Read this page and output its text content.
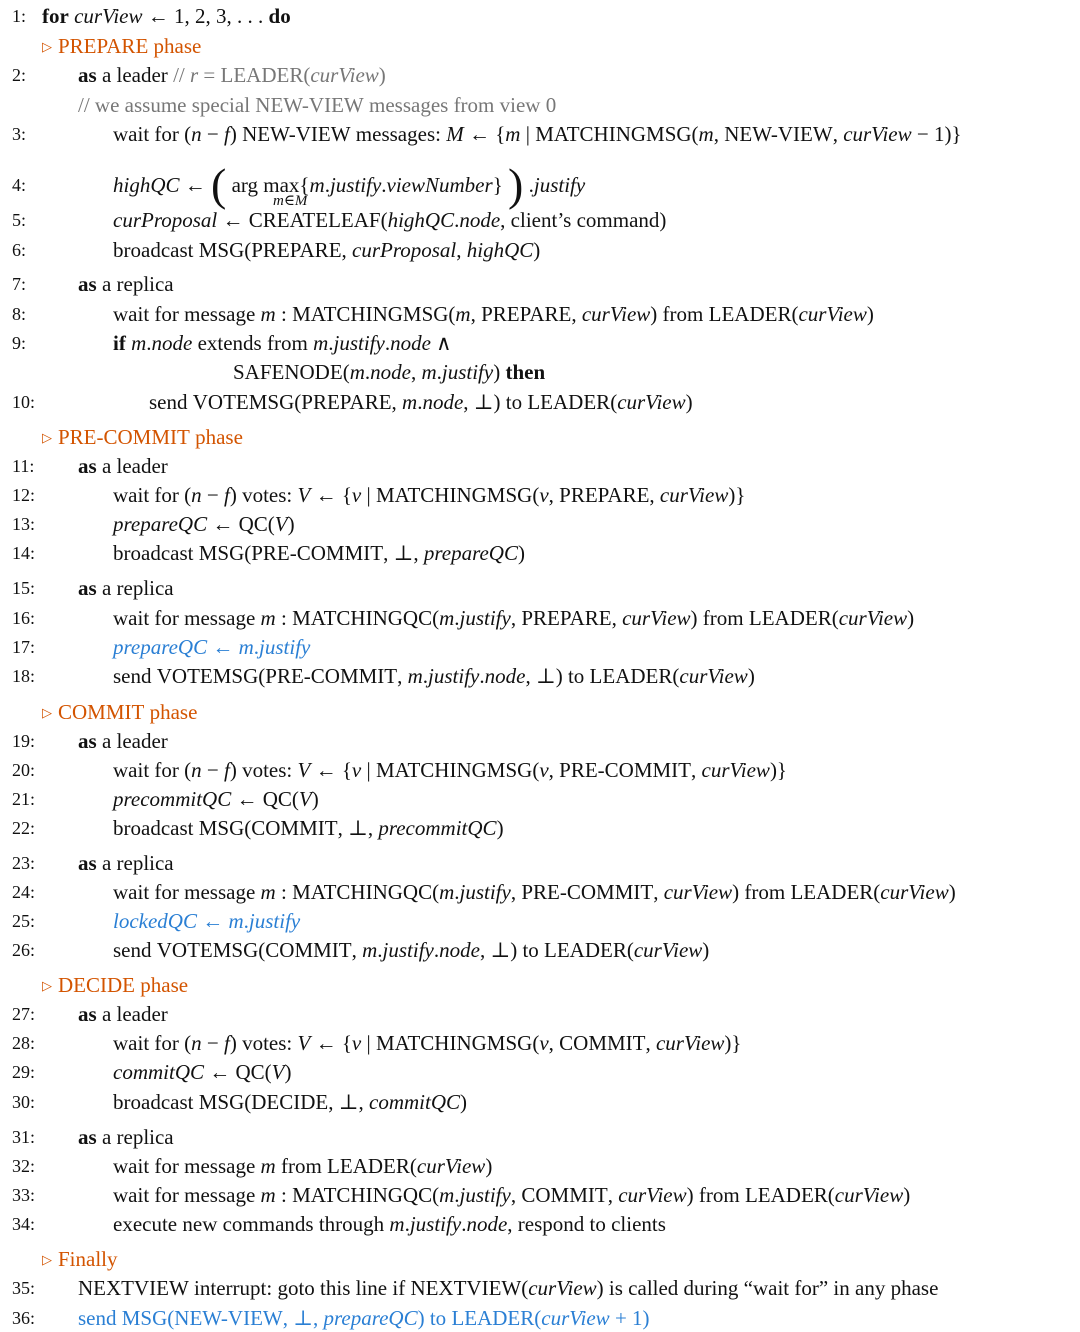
1: for curView ← 1, 2, 3, . . . do
▷ PREPARE phase
2:	as a leader // r = LEADER(curView)
// we assume special NEW-VIEW messages from view 0
3:	wait for (n − f) NEW-VIEW messages: M ← {m | MATCHINGMSG(m, NEW-VIEW, curView − 1)}
4:	highQC ← ( arg max{m.justify.viewNumber} ) .justify
m∈M
5:	curProposal ← CREATELEAF(highQC.node, client’s command)
6:	broadcast MSG(PREPARE, curProposal, highQC)
7:	as a replica
8:	wait for message m : MATCHINGMSG(m, PREPARE, curView) from LEADER(curView)
9:	if m.node extends from m.justify.node ∧
SAFENODE(m.node, m.justify) then
10:	send VOTEMSG(PREPARE, m.node, ⊥) to LEADER(curView)
▷ PRE-COMMIT phase
11:	as a leader
12:	wait for (n − f) votes: V ← {v | MATCHINGMSG(v, PREPARE, curView)}
13:	prepareQC ← QC(V)
14:	broadcast MSG(PRE-COMMIT, ⊥, prepareQC)
15:	as a replica
16:	wait for message m : MATCHINGQC(m.justify, PREPARE, curView) from LEADER(curView)
17:	prepareQC ← m.justify
18:	send VOTEMSG(PRE-COMMIT, m.justify.node, ⊥) to LEADER(curView)
▷ COMMIT phase
19:	as a leader
20:	wait for (n − f) votes: V ← {v | MATCHINGMSG(v, PRE-COMMIT, curView)}
21:	precommitQC ← QC(V)
22:	broadcast MSG(COMMIT, ⊥, precommitQC)
23:	as a replica
24:	wait for message m : MATCHINGQC(m.justify, PRE-COMMIT, curView) from LEADER(curView)
25:	lockedQC ← m.justify
26:	send VOTEMSG(COMMIT, m.justify.node, ⊥) to LEADER(curView)
▷ DECIDE phase
27:	as a leader
28:	wait for (n − f) votes: V ← {v | MATCHINGMSG(v, COMMIT, curView)}
29:	commitQC ← QC(V)
30:	broadcast MSG(DECIDE, ⊥, commitQC)
31:	as a replica
32:	wait for message m from LEADER(curView)
33:	wait for message m : MATCHINGQC(m.justify, COMMIT, curView) from LEADER(curView)
34:	execute new commands through m.justify.node, respond to clients
▷ Finally
35:	NEXTVIEW interrupt: goto this line if NEXTVIEW(curView) is called during “wait for” in any phase
36:	send MSG(NEW-VIEW, ⊥, prepareQC) to LEADER(curView + 1)
